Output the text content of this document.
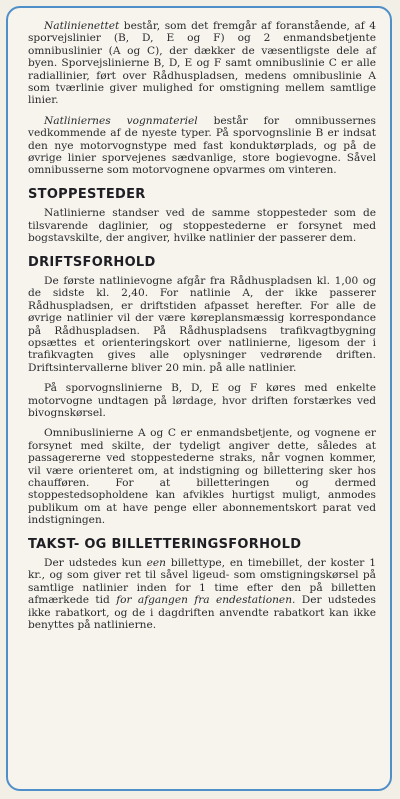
Natlinienettet består, som det fremgår af foranstående, af 4 sporvejslinier (B, D, E og F) og 2 enmandsbetjente omnibuslinier (A og C), der dækker de væsentligste dele af byen. Sporvejslinierne B, D, E og F samt omnibuslinie C er alle radiallinier, ført over Rådhuspladsen, medens omnibuslinie A som tværlinie giver mulighed for omstigning mellem samtlige linier.

Natliniernes vognmateriel består for omnibussernes vedkommende af de nyeste typer. På sporvognslinie B er indsat den nye motorvognstype med fast konduktørplads, og på de øvrige linier sporvejenes sædvanlige, store bogievogne. Såvel omnibusserne som motorvognene opvarmes om vinteren.

STOPPESTEDER

Natlinierne standser ved de samme stoppesteder som de tilsvarende daglinier, og stoppestederne er forsynet med bogstavskilte, der angiver, hvilke natlinier der passerer dem.

DRIFTSFORHOLD

De første natlinievogne afgår fra Rådhuspladsen kl. 1,00 og de sidste kl. 2,40. For natlinie A, der ikke passerer Rådhuspladsen, er driftstiden afpasset herefter. For alle de øvrige natlinier vil der være køreplansmæssig korrespondance på Rådhuspladsen. På Rådhuspladsens trafikvagtbygning opsættes et orienteringskort over natlinierne, ligesom der i trafikvagten gives alle oplysninger vedrørende driften. Driftsintervallerne bliver 20 min. på alle natlinier.

På sporvognslinierne B, D, E og F køres med enkelte motorvogne undtagen på lørdage, hvor driften forstærkes ved bivognskørsel.

Omnibuslinierne A og C er enmandsbetjente, og vognene er forsynet med skilte, der tydeligt angiver dette, således at passagererne ved stoppestederne straks, når vognen kommer, vil være orienteret om, at indstigning og billettering sker hos chaufføren. For at billetteringen og dermed stoppestedsopholdene kan afvikles hurtigst muligt, anmodes publikum om at have penge eller abonnementskort parat ved indstigningen.

TAKST- OG BILLETTERINGSFORHOLD

Der udstedes kun een billettype, en timebillet, der koster 1 kr., og som giver ret til såvel ligeud- som omstigningskørsel på samtlige natlinier inden for 1 time efter den på billetten afmærkede tid for afgangen fra endestationen. Der udstedes ikke rabatkort, og de i dagdriften anvendte rabatkort kan ikke benyttes på natlinierne.
